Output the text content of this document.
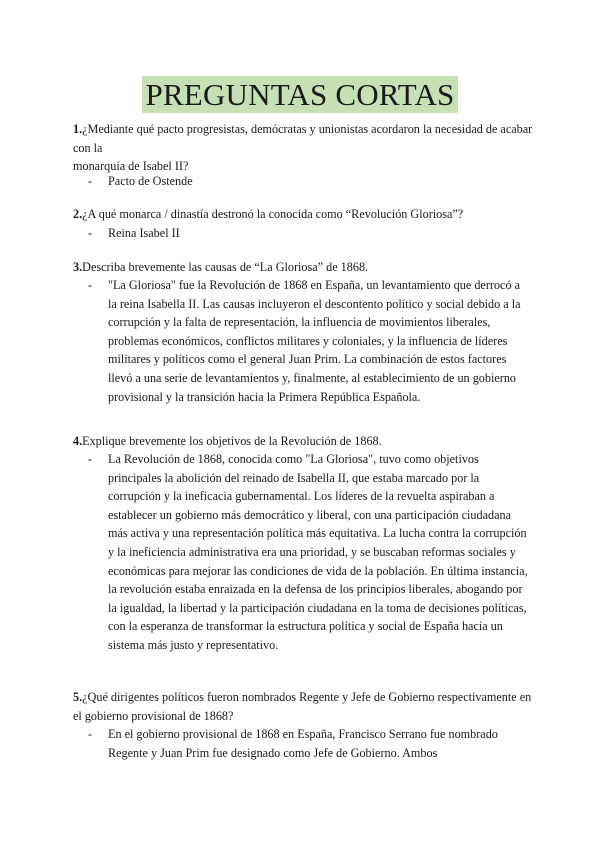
PREGUNTAS CORTAS
1.¿Mediante qué pacto progresistas, demócratas y unionistas acordaron la necesidad de acabar con la
monarquía de Isabel II?
- Pacto de Ostende
2.¿A qué monarca / dinastía destronó la conocida como “Revolución Gloriosa”?
- Reina Isabel II
3.Describa brevemente las causas de “La Gloriosa” de 1868.
- "La Gloriosa" fue la Revolución de 1868 en España, un levantamiento que derrocó a la reina Isabella II. Las causas incluyeron el descontento político y social debido a la corrupción y la falta de representación, la influencia de movimientos liberales, problemas económicos, conflictos militares y coloniales, y la influencia de líderes militares y políticos como el general Juan Prim. La combinación de estos factores llevó a una serie de levantamientos y, finalmente, al establecimiento de un gobierno provisional y la transición hacia la Primera República Española.
4.Explique brevemente los objetivos de la Revolución de 1868.
- La Revolución de 1868, conocida como "La Gloriosa", tuvo como objetivos principales la abolición del reinado de Isabella II, que estaba marcado por la corrupción y la ineficacia gubernamental. Los líderes de la revuelta aspiraban a establecer un gobierno más democrático y liberal, con una participación ciudadana más activa y una representación política más equitativa. La lucha contra la corrupción y la ineficiencia administrativa era una prioridad, y se buscaban reformas sociales y económicas para mejorar las condiciones de vida de la población. En última instancia, la revolución estaba enraizada en la defensa de los principios liberales, abogando por la igualdad, la libertad y la participación ciudadana en la toma de decisiones políticas, con la esperanza de transformar la estructura política y social de España hacia un sistema más justo y representativo.
5.¿Qué dirigentes políticos fueron nombrados Regente y Jefe de Gobierno respectivamente en el gobierno provisional de 1868?
- En el gobierno provisional de 1868 en España, Francisco Serrano fue nombrado Regente y Juan Prim fue designado como Jefe de Gobierno. Ambos
